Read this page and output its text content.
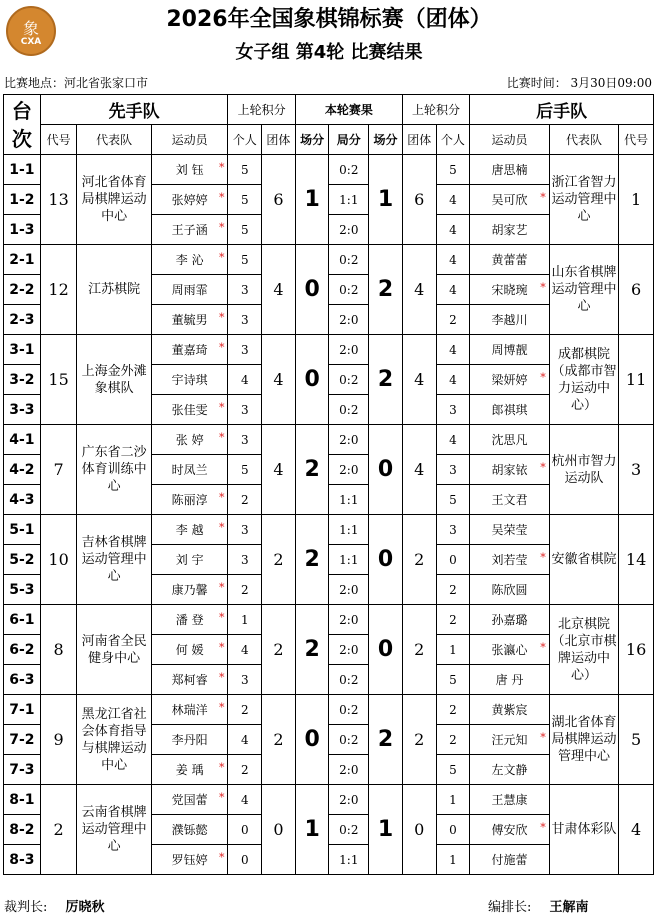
象
CXA
2026年全国象棋锦标赛（团体）
女子组 第4轮 比赛结果
比赛地点：河北省张家口市	比赛时间： 3月30日09:00
台次	先手队			上轮积分		本轮赛果			上轮积分		后手队		
	代号	代表队	运动员	个人	团体	场分	局分	场分	团体	个人	运动员	代表队	代号
1-1	13	河北省体育局棋牌运动中心	刘 钰 *	5	6	1	0:2	1	6	5	唐思楠	浙江省智力运动管理中心	1
1-2			张婷婷 *	5			1:1			4	吴可欣 *		

1-3			王子涵 *	5			2:0			4	胡家艺		
2-1	12	江苏棋院	李 沁 *	5	4	0	0:2	2	4	4	黄蕾蕾	山东省棋牌运动管理中心	6
2-2			周雨霏	3			0:2			4	宋晓琬 *		

2-3			董毓男 *	3			2:0			2	李越川		
3-1	15	上海金外滩象棋队	董嘉琦 *	3	4	0	2:0	2	4	4	周博靓	成都棋院（成都市智力运动中心）	11
3-2			宇诗琪	4			0:2			4	梁妍婷 *		

3-3			张佳雯 *	3			0:2			3	郎祺琪		
4-1	7	广东省二沙体育训练中心	张 婷 *	3	4	2	2:0	0	4	4	沈思凡	杭州市智力运动队	3
4-2			时凤兰	5			2:0			3	胡家铱 *		

4-3			陈丽淳 *	2			1:1			5	王文君		
5-1	10	吉林省棋牌运动管理中心	李 越 *	3	2	2	1:1	0	2	3	吴荣莹	安徽省棋院	14
5-2			刘 宇	3			1:1			0	刘若莹 *		

5-3			康乃馨 *	2			2:0			2	陈欣圆		
6-1	8	河南省全民健身中心	潘 登 *	1	2	2	2:0	0	2	2	孙嘉璐	北京棋院（北京市棋牌运动中心）	16
6-2			何 媛 *	4			2:0			1	张瀛心 *		

6-3			郑柯睿 *	3			0:2			5	唐 丹		
7-1	9	黑龙江省社会体育指导与棋牌运动中心	林瑞洋 *	2	2	0	0:2	2	2	2	黄紫宸	湖北省体育局棋牌运动管理中心	5
7-2			李丹阳	4			0:2			2	汪元知 *		

7-3			姜 瑀 *	2			2:0			5	左文静		
8-1	2	云南省棋牌运动管理中心	党国蕾 *	4	0	1	2:0	1	0	1	王慧康	甘肃体彩队	4
8-2			濮铄懿	0			0:2			0	傅安欣 *		

8-3			罗钰婷 *	0			1:1			1	付施蕾		
裁判长: 厉晓秋	编排长: 王解南
